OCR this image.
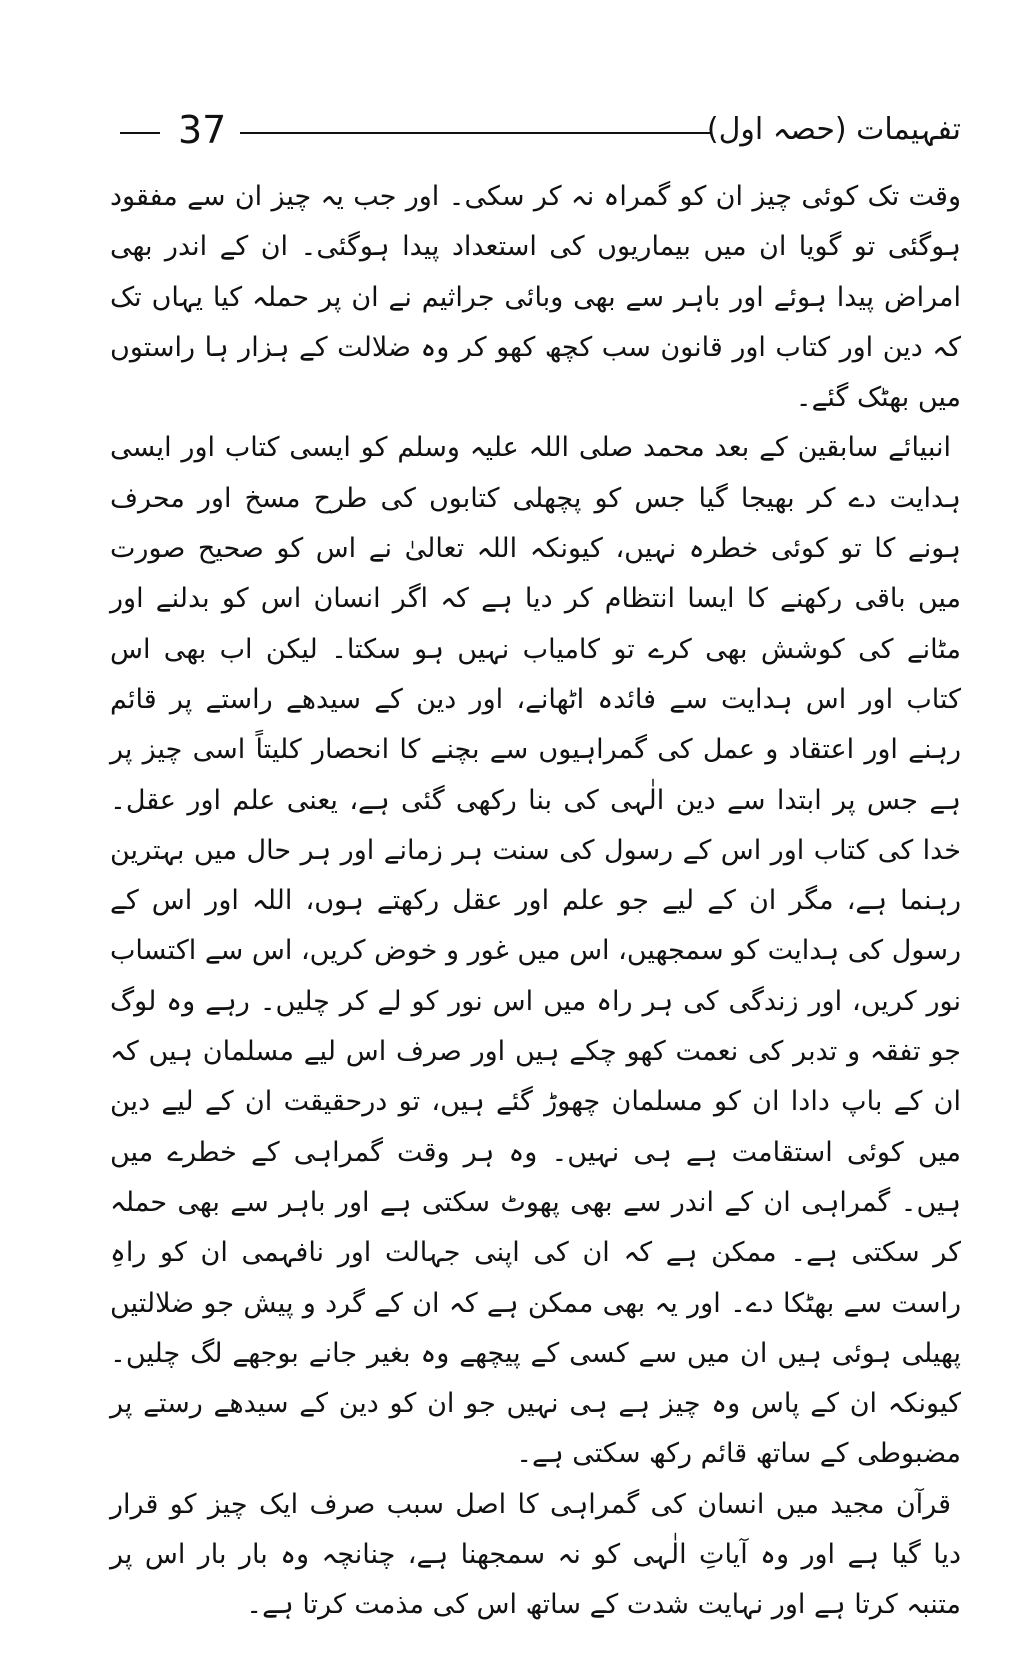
37	تفہیمات (حصہ اول)

وقت تک کوئی چیز ان کو گمراہ نہ کر سکی۔ اور جب یہ چیز ان سے مفقود ہوگئی تو گویا ان میں بیماریوں کی استعداد پیدا ہوگئی۔ ان کے اندر بھی امراض پیدا ہوئے اور باہر سے بھی وبائی جراثیم نے ان پر حملہ کیا یہاں تک کہ دین اور کتاب اور قانون سب کچھ کھو کر وہ ضلالت کے ہزار ہا راستوں میں بھٹک گئے۔

انبیائے سابقین کے بعد محمد صلی اللہ علیہ وسلم کو ایسی کتاب اور ایسی ہدایت دے کر بھیجا گیا جس کو پچھلی کتابوں کی طرح مسخ اور محرف ہونے کا تو کوئی خطرہ نہیں، کیونکہ اللہ تعالیٰ نے اس کو صحیح صورت میں باقی رکھنے کا ایسا انتظام کر دیا ہے کہ اگر انسان اس کو بدلنے اور مٹانے کی کوشش بھی کرے تو کامیاب نہیں ہو سکتا۔ لیکن اب بھی اس کتاب اور اس ہدایت سے فائدہ اٹھانے، اور دین کے سیدھے راستے پر قائم رہنے اور اعتقاد و عمل کی گمراہیوں سے بچنے کا انحصار کلیتاً اسی چیز پر ہے جس پر ابتدا سے دین الٰہی کی بنا رکھی گئی ہے، یعنی علم اور عقل۔ خدا کی کتاب اور اس کے رسول کی سنت ہر زمانے اور ہر حال میں بہترین رہنما ہے، مگر ان کے لیے جو علم اور عقل رکھتے ہوں، اللہ اور اس کے رسول کی ہدایت کو سمجھیں، اس میں غور و خوض کریں، اس سے اکتساب نور کریں، اور زندگی کی ہر راہ میں اس نور کو لے کر چلیں۔ رہے وہ لوگ جو تفقہ و تدبر کی نعمت کھو چکے ہیں اور صرف اس لیے مسلمان ہیں کہ ان کے باپ دادا ان کو مسلمان چھوڑ گئے ہیں، تو درحقیقت ان کے لیے دین میں کوئی استقامت ہے ہی نہیں۔ وہ ہر وقت گمراہی کے خطرے میں ہیں۔ گمراہی ان کے اندر سے بھی پھوٹ سکتی ہے اور باہر سے بھی حملہ کر سکتی ہے۔ ممکن ہے کہ ان کی اپنی جہالت اور نافہمی ان کو راہِ راست سے بھٹکا دے۔ اور یہ بھی ممکن ہے کہ ان کے گرد و پیش جو ضلالتیں پھیلی ہوئی ہیں ان میں سے کسی کے پیچھے وہ بغیر جانے بوجھے لگ چلیں۔ کیونکہ ان کے پاس وہ چیز ہے ہی نہیں جو ان کو دین کے سیدھے رستے پر مضبوطی کے ساتھ قائم رکھ سکتی ہے۔

قرآن مجید میں انسان کی گمراہی کا اصل سبب صرف ایک چیز کو قرار دیا گیا ہے اور وہ آیاتِ الٰہی کو نہ سمجھنا ہے، چنانچہ وہ بار بار اس پر متنبہ کرتا ہے اور نہایت شدت کے ساتھ اس کی مذمت کرتا ہے۔
